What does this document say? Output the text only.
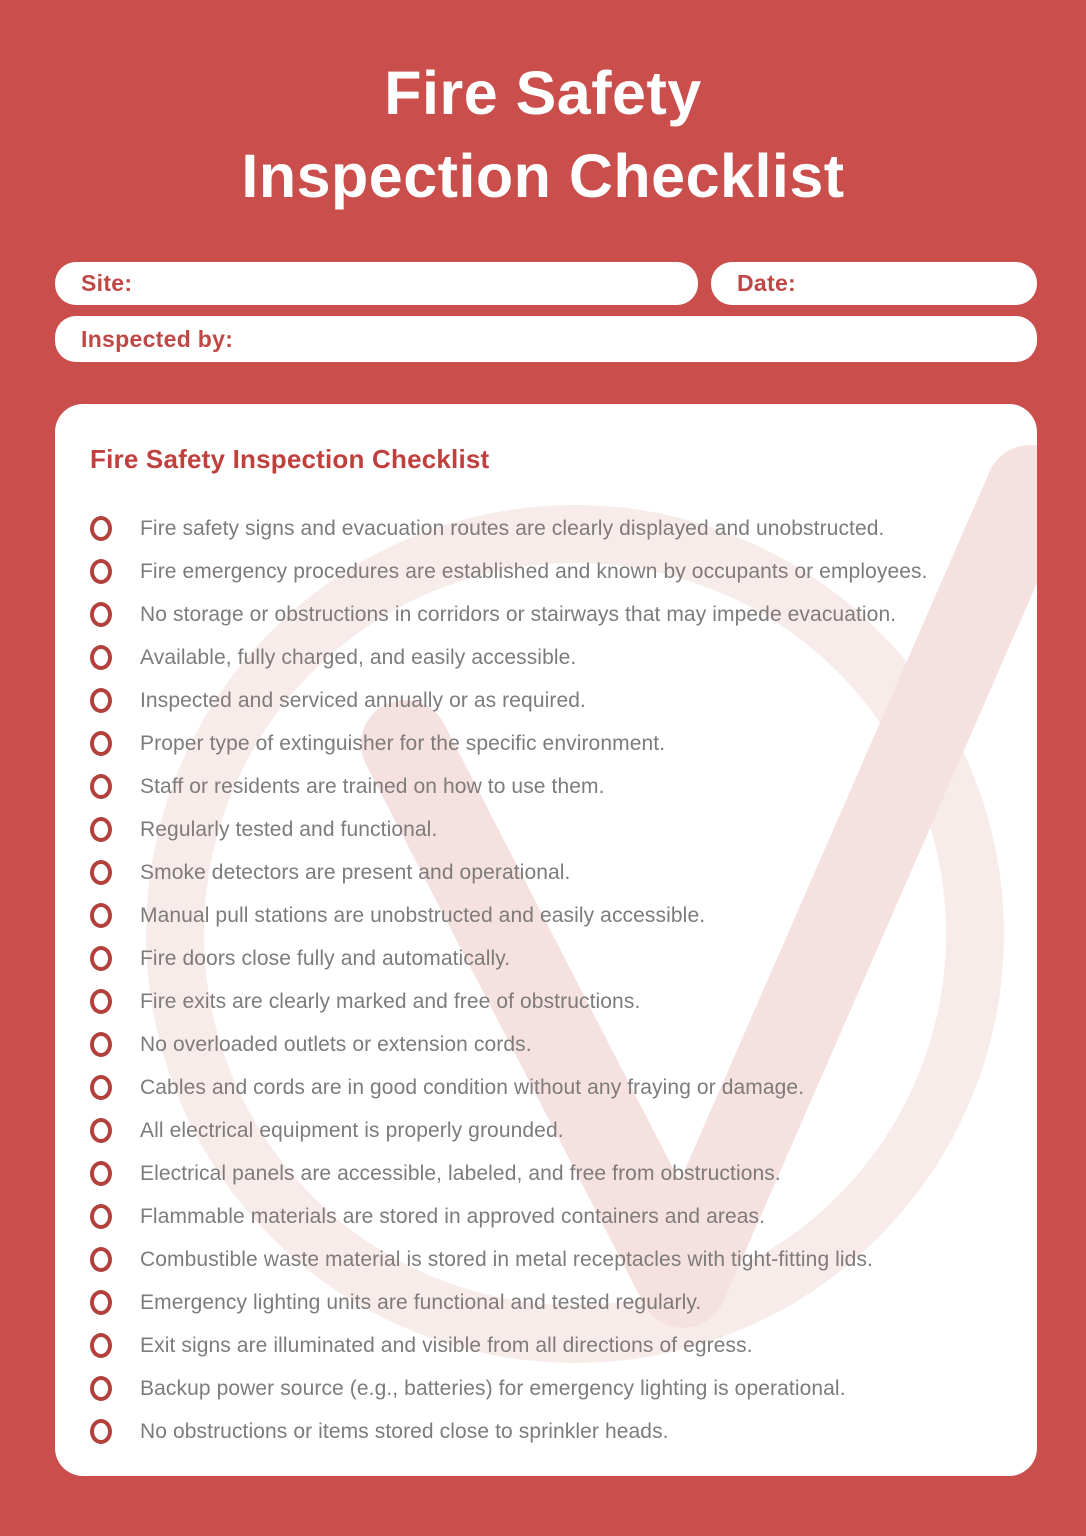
Fire Safety
Inspection Checklist
Site:	Date:
Inspected by:
Fire Safety Inspection Checklist
Fire safety signs and evacuation routes are clearly displayed and unobstructed.
Fire emergency procedures are established and known by occupants or employees.
No storage or obstructions in corridors or stairways that may impede evacuation.
Available, fully charged, and easily accessible.
Inspected and serviced annually or as required.
Proper type of extinguisher for the specific environment.
Staff or residents are trained on how to use them.
Regularly tested and functional.
Smoke detectors are present and operational.
Manual pull stations are unobstructed and easily accessible.
Fire doors close fully and automatically.
Fire exits are clearly marked and free of obstructions.
No overloaded outlets or extension cords.
Cables and cords are in good condition without any fraying or damage.
All electrical equipment is properly grounded.
Electrical panels are accessible, labeled, and free from obstructions.
Flammable materials are stored in approved containers and areas.
Combustible waste material is stored in metal receptacles with tight-fitting lids.
Emergency lighting units are functional and tested regularly.
Exit signs are illuminated and visible from all directions of egress.
Backup power source (e.g., batteries) for emergency lighting is operational.
No obstructions or items stored close to sprinkler heads.
